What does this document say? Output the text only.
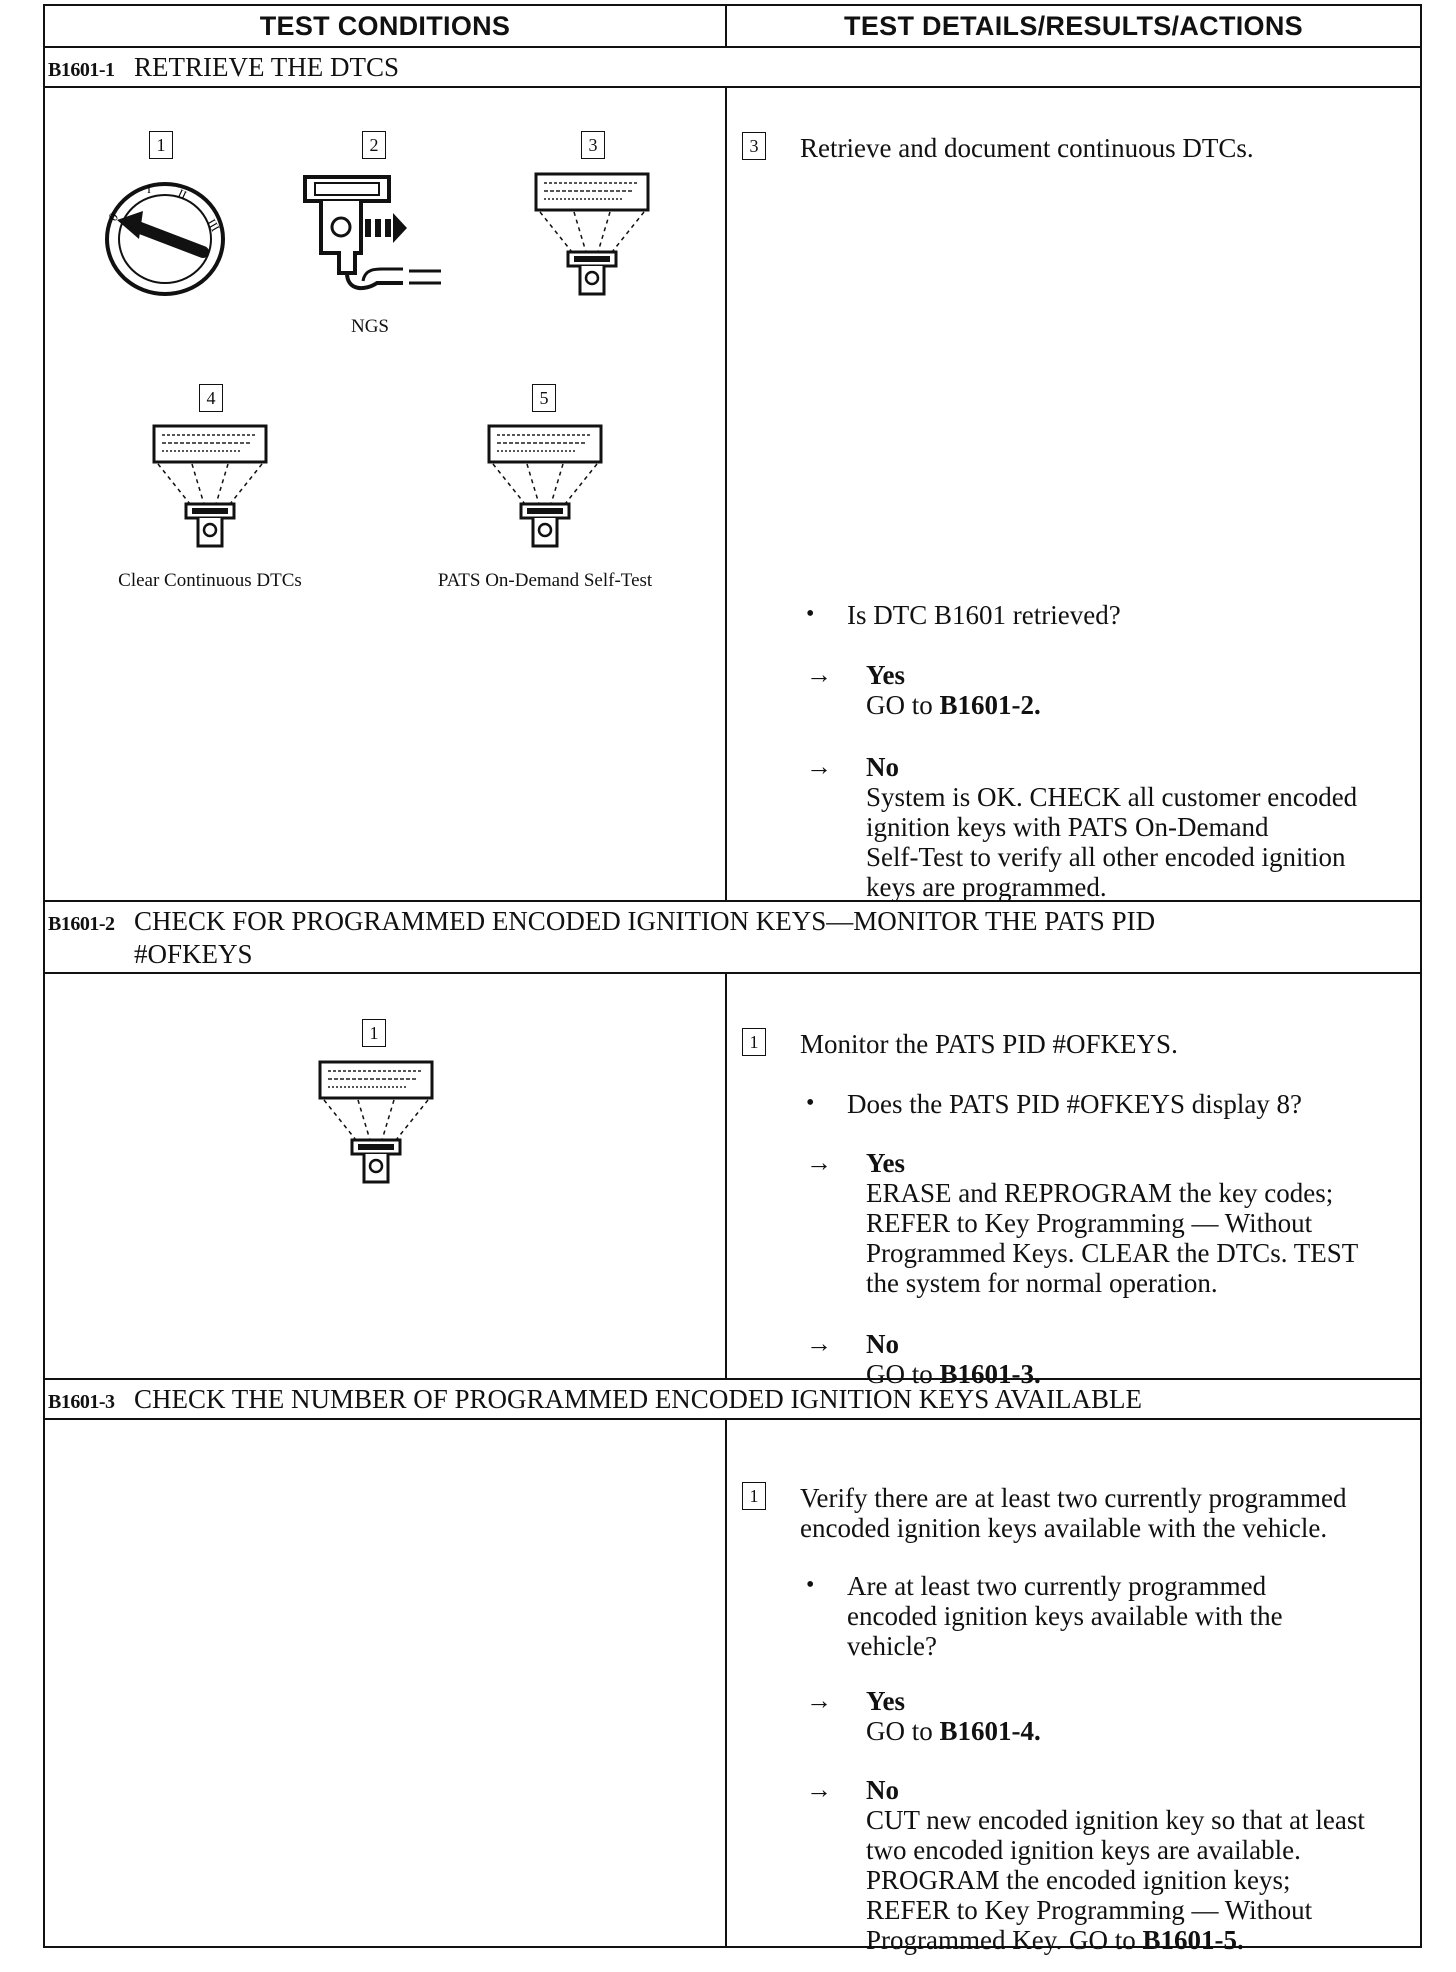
TEST CONDITIONS	TEST DETAILS/RESULTS/ACTIONS
B1601-1 RETRIEVE THE DTCS
1
0
I II
III
2
NGS
3
4
Clear Continuous DTCs
5
PATS On-Demand Self-Test
3 Retrieve and document continuous DTCs.
• Is DTC B1601 retrieved?
→ Yes
GO to B1601-2.
→ No
System is OK. CHECK all customer encoded
ignition keys with PATS On-Demand
Self-Test to verify all other encoded ignition
keys are programmed.
B1601-2 CHECK FOR PROGRAMMED ENCODED IGNITION KEYS—MONITOR THE PATS PID
#OFKEYS
1	1 Monitor the PATS PID #OFKEYS.
• Does the PATS PID #OFKEYS display 8?
→ Yes
ERASE and REPROGRAM the key codes;
REFER to Key Programming — Without
Programmed Keys. CLEAR the DTCs. TEST
the system for normal operation.
→ No
GO to B1601-3.
B1601-3 CHECK THE NUMBER OF PROGRAMMED ENCODED IGNITION KEYS AVAILABLE
1 Verify there are at least two currently programmed
encoded ignition keys available with the vehicle.
• Are at least two currently programmed
encoded ignition keys available with the
vehicle?
→ Yes
GO to B1601-4.
→ No
CUT new encoded ignition key so that at least
two encoded ignition keys are available.
PROGRAM the encoded ignition keys;
REFER to Key Programming — Without
Programmed Key. GO to B1601-5.
